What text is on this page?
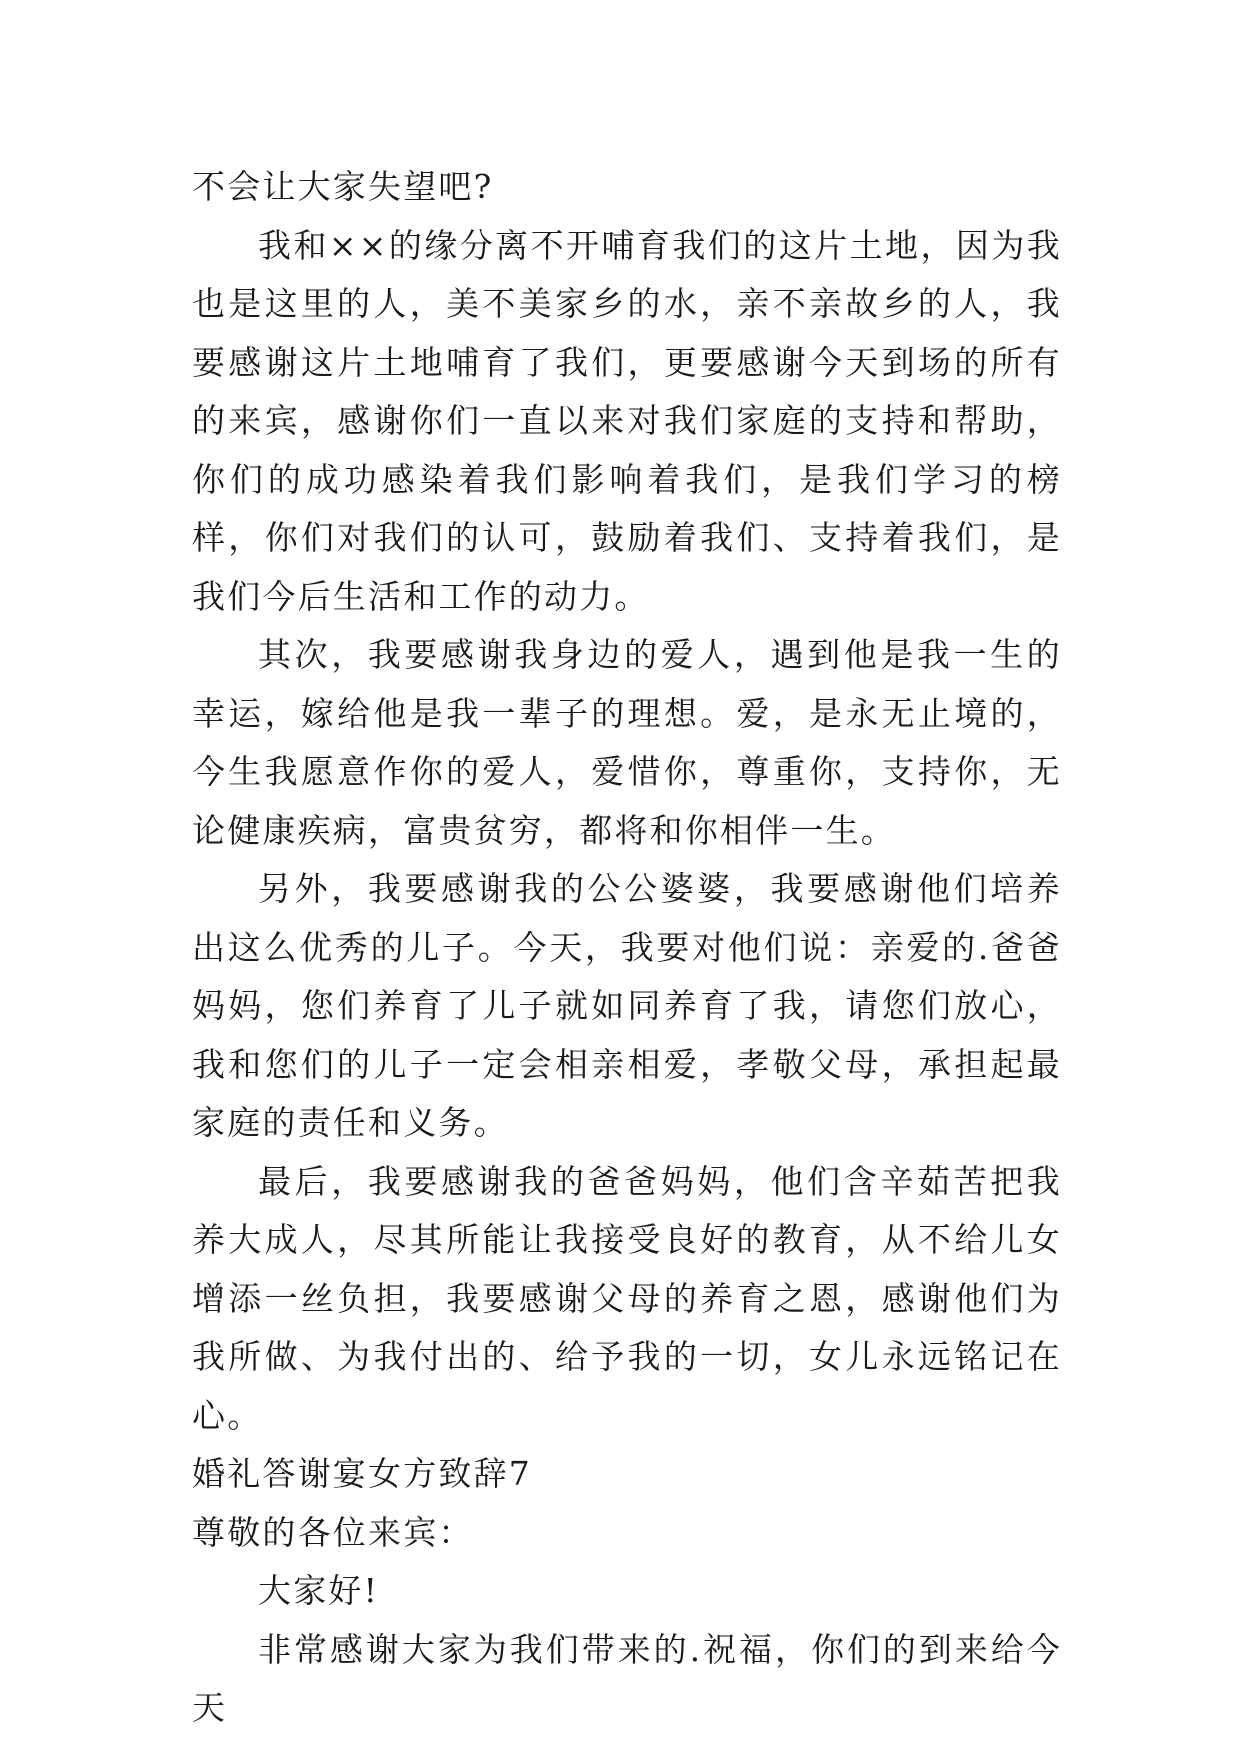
不会让大家失望吧?

我和××的缘分离不开哺育我们的这片土地，因为我也是这里的人，美不美家乡的水，亲不亲故乡的人，我要感谢这片土地哺育了我们，更要感谢今天到场的所有的来宾，感谢你们一直以来对我们家庭的支持和帮助，你们的成功感染着我们影响着我们，是我们学习的榜样，你们对我们的认可，鼓励着我们、支持着我们，是我们今后生活和工作的动力。

其次，我要感谢我身边的爱人，遇到他是我一生的幸运，嫁给他是我一辈子的理想。爱，是永无止境的，今生我愿意作你的爱人，爱惜你，尊重你，支持你，无论健康疾病，富贵贫穷，都将和你相伴一生。

另外，我要感谢我的公公婆婆，我要感谢他们培养出这么优秀的儿子。今天，我要对他们说：亲爱的.爸爸妈妈，您们养育了儿子就如同养育了我，请您们放心，我和您们的儿子一定会相亲相爱，孝敬父母，承担起最家庭的责任和义务。

最后，我要感谢我的爸爸妈妈，他们含辛茹苦把我养大成人，尽其所能让我接受良好的教育，从不给儿女增添一丝负担，我要感谢父母的养育之恩，感谢他们为我所做、为我付出的、给予我的一切，女儿永远铭记在心。

婚礼答谢宴女方致辞7

尊敬的各位来宾：

大家好!

非常感谢大家为我们带来的.祝福，你们的到来给今天
